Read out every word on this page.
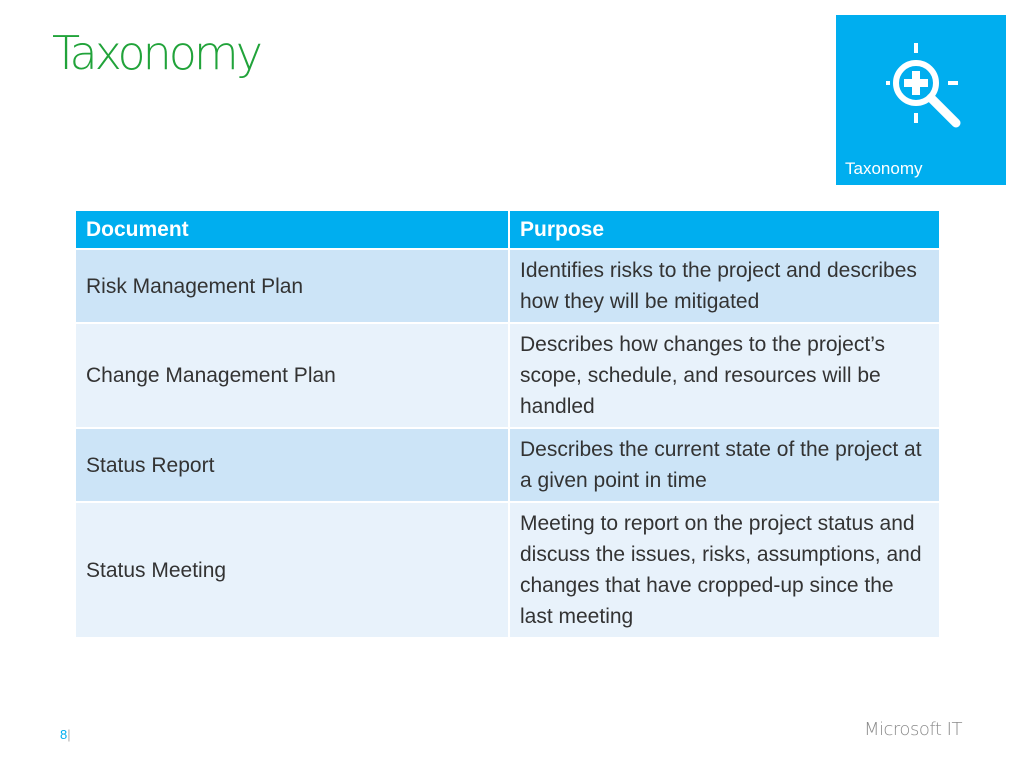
Taxonomy
Taxonomy
Document	Purpose
Risk Management Plan	Identifies risks to the project and describes how they will be mitigated
Change Management Plan	Describes how changes to the project’s scope, schedule, and resources will be handled
Status Report	Describes the current state of the project at a given point in time
Status Meeting	Meeting to report on the project status and discuss the issues, risks, assumptions, and changes that have cropped-up since the last meeting
8|	Microsoft IT
